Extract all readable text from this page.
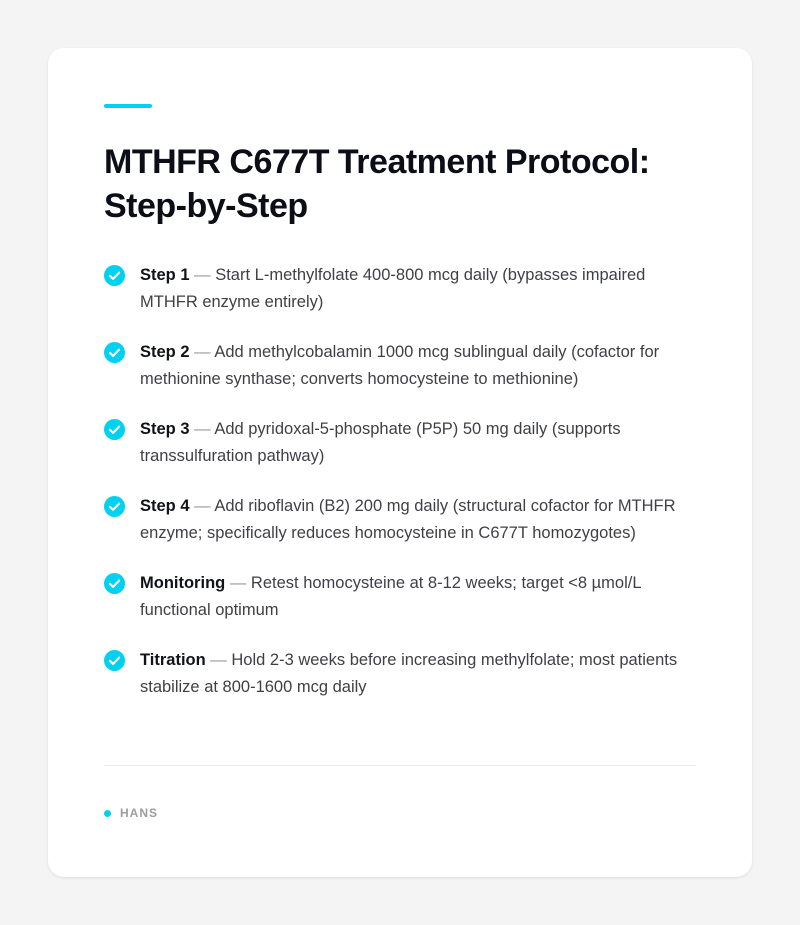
MTHFR C677T Treatment Protocol: Step-by-Step
Step 1 — Start L-methylfolate 400-800 mcg daily (bypasses impaired MTHFR enzyme entirely)
Step 2 — Add methylcobalamin 1000 mcg sublingual daily (cofactor for methionine synthase; converts homocysteine to methionine)
Step 3 — Add pyridoxal-5-phosphate (P5P) 50 mg daily (supports transsulfuration pathway)
Step 4 — Add riboflavin (B2) 200 mg daily (structural cofactor for MTHFR enzyme; specifically reduces homocysteine in C677T homozygotes)
Monitoring — Retest homocysteine at 8-12 weeks; target <8 µmol/L functional optimum
Titration — Hold 2-3 weeks before increasing methylfolate; most patients stabilize at 800-1600 mcg daily
HANS
